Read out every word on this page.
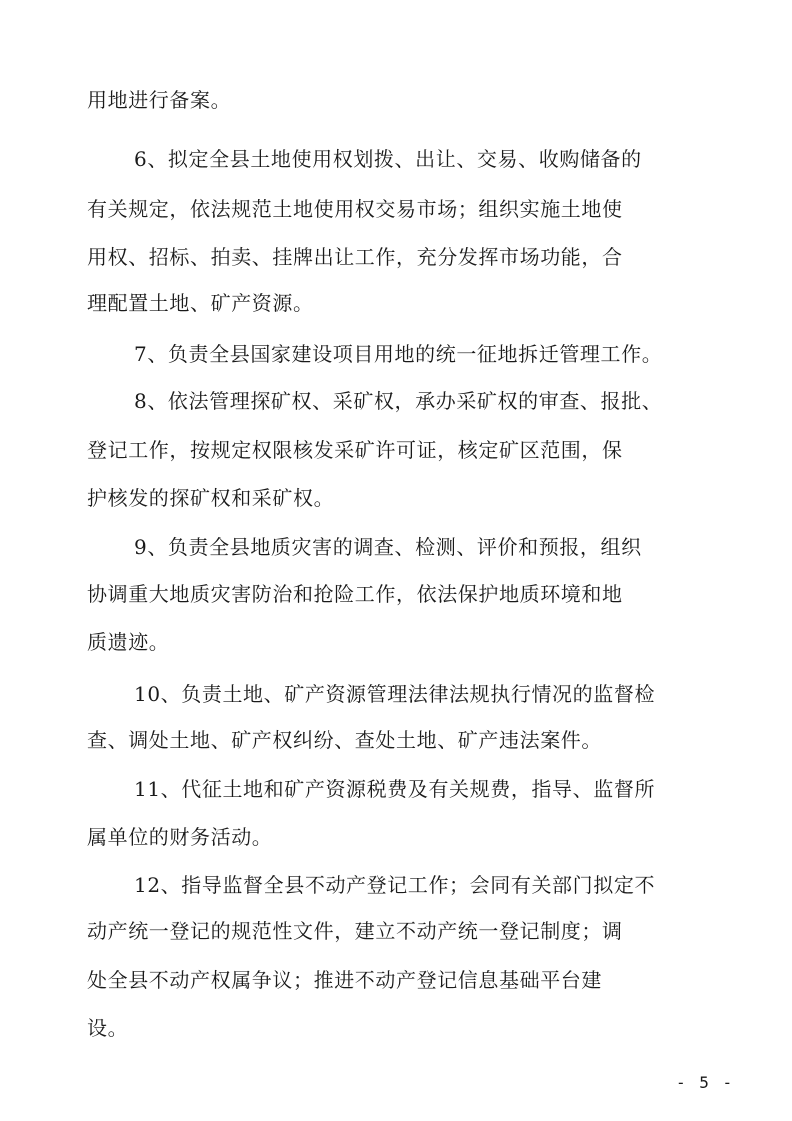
用地进行备案。
6、拟定全县土地使用权划拨、出让、交易、收购储备的
有关规定，依法规范土地使用权交易市场；组织实施土地使
用权、招标、拍卖、挂牌出让工作，充分发挥市场功能，合
理配置土地、矿产资源。
7、负责全县国家建设项目用地的统一征地拆迁管理工作。
8、依法管理探矿权、采矿权，承办采矿权的审查、报批、
登记工作，按规定权限核发采矿许可证，核定矿区范围，保
护核发的探矿权和采矿权。
9、负责全县地质灾害的调查、检测、评价和预报，组织
协调重大地质灾害防治和抢险工作，依法保护地质环境和地
质遗迹。
10、负责土地、矿产资源管理法律法规执行情况的监督检
查、调处土地、矿产权纠纷、查处土地、矿产违法案件。
11、代征土地和矿产资源税费及有关规费，指导、监督所
属单位的财务活动。
12、指导监督全县不动产登记工作；会同有关部门拟定不
动产统一登记的规范性文件，建立不动产统一登记制度；调
处全县不动产权属争议；推进不动产登记信息基础平台建
设。
- 5 -
